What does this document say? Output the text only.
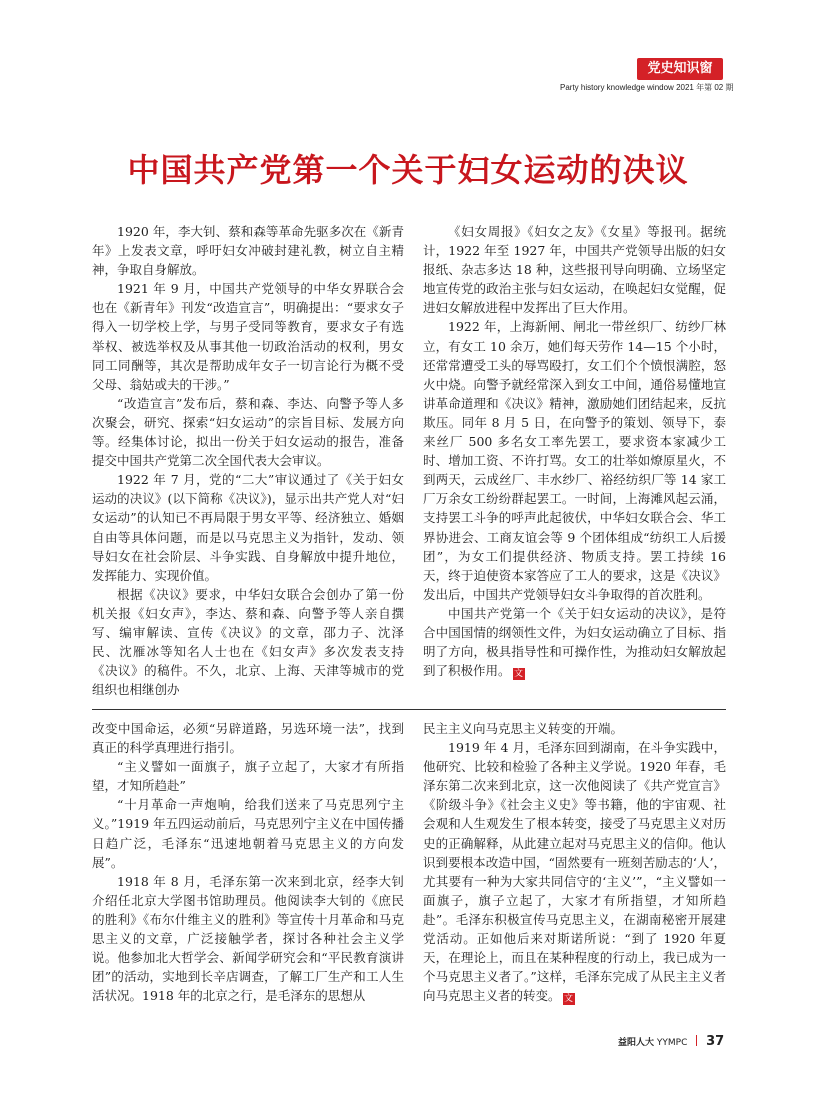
党史知识窗
Party history knowledge window 2021 年第 02 期
中国共产党第一个关于妇女运动的决议

1920 年，李大钊、蔡和森等革命先驱多次在《新青年》上发表文章，呼吁妇女冲破封建礼教，树立自主精神，争取自身解放。

1921 年 9 月，中国共产党领导的中华女界联合会也在《新青年》刊发“改造宣言”，明确提出：“要求女子得入一切学校上学，与男子受同等教育，要求女子有选举权、被选举权及从事其他一切政治活动的权利，男女同工同酬等，其次是帮助成年女子一切言论行为概不受父母、翁姑或夫的干涉。”

“改造宣言”发布后，蔡和森、李达、向警予等人多次聚会，研究、探索“妇女运动”的宗旨目标、发展方向等。经集体讨论，拟出一份关于妇女运动的报告，准备提交中国共产党第二次全国代表大会审议。

1922 年 7 月，党的“二大”审议通过了《关于妇女运动的决议》(以下简称《决议》)，显示出共产党人对“妇女运动”的认知已不再局限于男女平等、经济独立、婚姻自由等具体问题，而是以马克思主义为指针，发动、领导妇女在社会阶层、斗争实践、自身解放中提升地位，发挥能力、实现价值。

根据《决议》要求，中华妇女联合会创办了第一份机关报《妇女声》，李达、蔡和森、向警予等人亲自撰写、编审解读、宣传《决议》的文章，邵力子、沈泽民、沈雁冰等知名人士也在《妇女声》多次发表支持《决议》的稿件。不久，北京、上海、天津等城市的党组织也相继创办

《妇女周报》《妇女之友》《女星》等报刊。据统计，1922 年至 1927 年，中国共产党领导出版的妇女报纸、杂志多达 18 种，这些报刊导向明确、立场坚定地宣传党的政治主张与妇女运动，在唤起妇女觉醒，促进妇女解放进程中发挥出了巨大作用。

1922 年，上海新闸、闸北一带丝织厂、纺纱厂林立，有女工 10 余万，她们每天劳作 14—15 个小时，还常常遭受工头的辱骂殴打，女工们个个愤恨满腔，怒火中烧。向警予就经常深入到女工中间，通俗易懂地宣讲革命道理和《决议》精神，激励她们团结起来，反抗欺压。同年 8 月 5 日，在向警予的策划、领导下，泰来丝厂 500 多名女工率先罢工，要求资本家减少工时、增加工资、不许打骂。女工的壮举如燎原星火，不到两天，云成丝厂、丰水纱厂、裕经纺织厂等 14 家工厂万余女工纷纷群起罢工。一时间，上海滩风起云涌，支持罢工斗争的呼声此起彼伏，中华妇女联合会、华工界协进会、工商友谊会等 9 个团体组成“纺织工人后援团”，为女工们提供经济、物质支持。罢工持续 16 天，终于迫使资本家答应了工人的要求，这是《决议》发出后，中国共产党领导妇女斗争取得的首次胜利。

中国共产党第一个《关于妇女运动的决议》，是符合中国国情的纲领性文件，为妇女运动确立了目标、指明了方向，极具指导性和可操作性，为推动妇女解放起到了积极作用。 文

改变中国命运，必须“另辟道路，另选环境一法”，找到真正的科学真理进行指引。

“主义譬如一面旗子，旗子立起了，大家才有所指望，才知所趋赴”

“十月革命一声炮响，给我们送来了马克思列宁主义。”1919 年五四运动前后，马克思列宁主义在中国传播日趋广泛，毛泽东“迅速地朝着马克思主义的方向发展”。

1918 年 8 月，毛泽东第一次来到北京，经李大钊介绍任北京大学图书馆助理员。他阅读李大钊的《庶民的胜利》《布尔什维主义的胜利》等宣传十月革命和马克思主义的文章，广泛接触学者，探讨各种社会主义学说。他参加北大哲学会、新闻学研究会和“平民教育演讲团”的活动，实地到长辛店调查，了解工厂生产和工人生活状况。1918 年的北京之行，是毛泽东的思想从

民主主义向马克思主义转变的开端。

1919 年 4 月，毛泽东回到湖南，在斗争实践中，他研究、比较和检验了各种主义学说。1920 年春，毛泽东第二次来到北京，这一次他阅读了《共产党宣言》《阶级斗争》《社会主义史》等书籍，他的宇宙观、社会观和人生观发生了根本转变，接受了马克思主义对历史的正确解释，从此建立起对马克思主义的信仰。他认识到要根本改造中国，“固然要有一班刻苦励志的‘人’，尤其要有一种为大家共同信守的‘主义’”，“主义譬如一面旗子，旗子立起了，大家才有所指望，才知所趋赴”。毛泽东积极宣传马克思主义，在湖南秘密开展建党活动。正如他后来对斯诺所说：“到了 1920 年夏天，在理论上，而且在某种程度的行动上，我已成为一个马克思主义者了。”这样，毛泽东完成了从民主主义者向马克思主义者的转变。 文

益阳人大 YYMPC 37
